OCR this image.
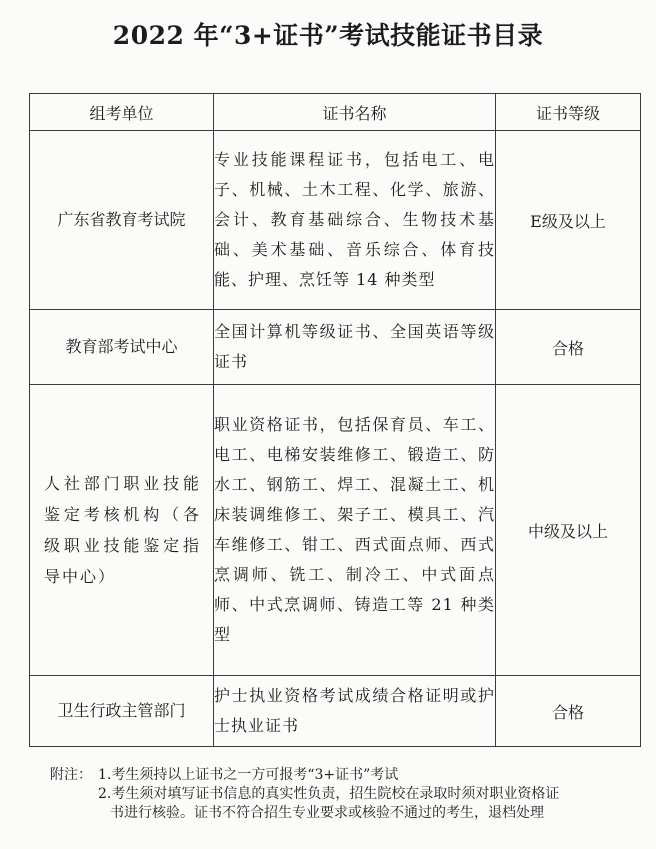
2022 年“3+证书”考试技能证书目录
组考单位	证书名称	证书等级
广东省教育考试院	专业技能课程证书，包括电工、电子、机械、土木工程、化学、旅游、会计、教育基础综合、生物技术基础、美术基础、音乐综合、体育技能、护理、烹饪等 14 种类型	E级及以上
教育部考试中心	全国计算机等级证书、全国英语等级证书	合格
人社部门职业技能鉴定考核机构（各级职业技能鉴定指导中心）	职业资格证书，包括保育员、车工、电工、电梯安装维修工、锻造工、防水工、钢筋工、焊工、混凝土工、机床装调维修工、架子工、模具工、汽车维修工、钳工、西式面点师、西式烹调师、铣工、制冷工、中式面点师、中式烹调师、铸造工等 21 种类型	中级及以上
卫生行政主管部门	护士执业资格考试成绩合格证明或护士执业证书	合格
附注： 1.考生须持以上证书之一方可报考“3+证书”考试
2.考生须对填写证书信息的真实性负责，招生院校在录取时须对职业资格证
书进行核验。证书不符合招生专业要求或核验不通过的考生，退档处理
